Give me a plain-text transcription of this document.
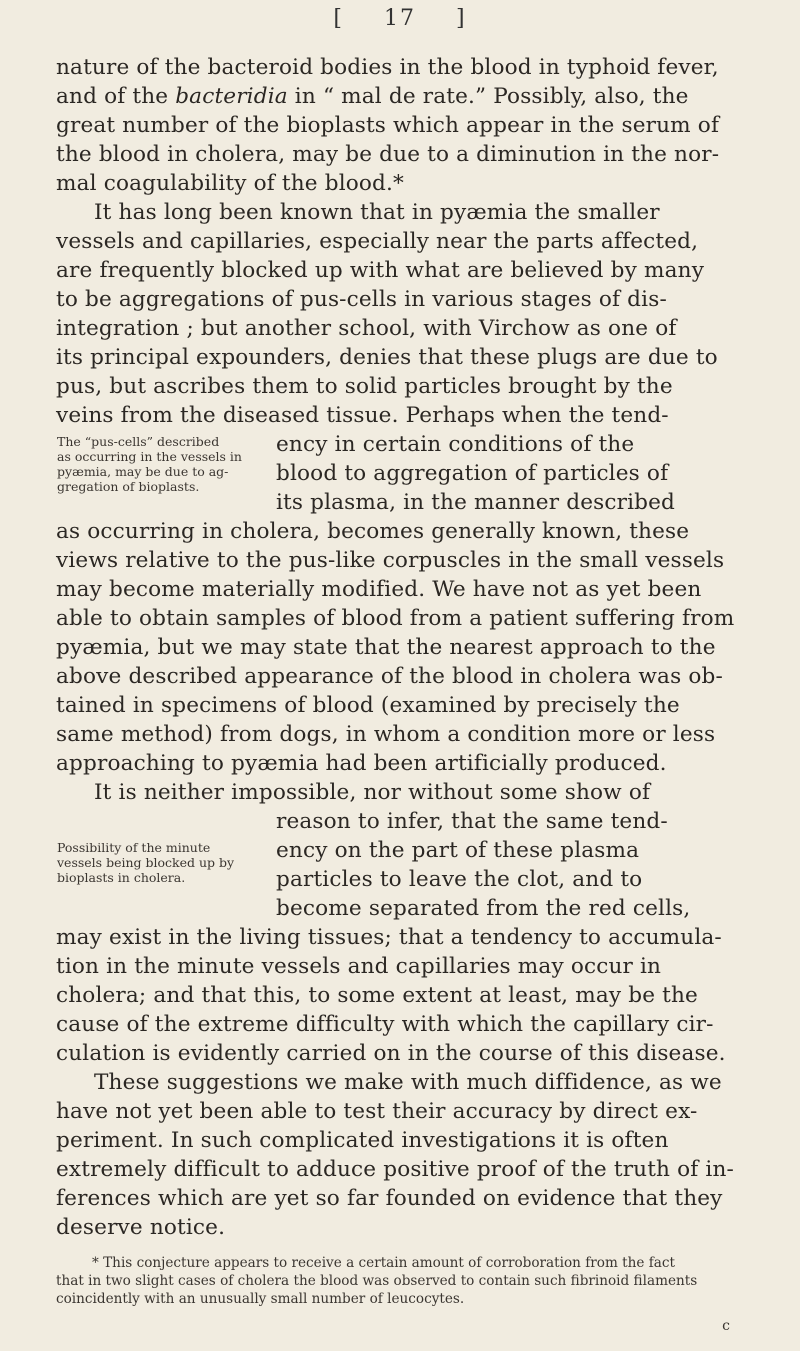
[ 17 ]
nature of the bacteroid bodies in the blood in typhoid fever,
and of the bacteridia in “ mal de rate.” Possibly, also, the
great number of the bioplasts which appear in the serum of
the blood in cholera, may be due to a diminution in the nor-
mal coagulability of the blood.*
It has long been known that in pyæmia the smaller
vessels and capillaries, especially near the parts affected,
are frequently blocked up with what are believed by many
to be aggregations of pus-cells in various stages of dis-
integration ; but another school, with Virchow as one of
its principal expounders, denies that these plugs are due to
pus, but ascribes them to solid particles brought by the
veins from the diseased tissue. Perhaps when the tend-
The “pus-cells” described
as occurring in the vessels in
pyæmia, may be due to ag-
gregation of bioplasts.
ency in certain conditions of the
blood to aggregation of particles of
its plasma, in the manner described
as occurring in cholera, becomes generally known, these
views relative to the pus-like corpuscles in the small vessels
may become materially modified. We have not as yet been
able to obtain samples of blood from a patient suffering from
pyæmia, but we may state that the nearest approach to the
above described appearance of the blood in cholera was ob-
tained in specimens of blood (examined by precisely the
same method) from dogs, in whom a condition more or less
approaching to pyæmia had been artificially produced.
It is neither impossible, nor without some show of
reason to infer, that the same tend-
Possibility of the minute
vessels being blocked up by
bioplasts in cholera.
ency on the part of these plasma
particles to leave the clot, and to
become separated from the red cells,
may exist in the living tissues; that a tendency to accumula-
tion in the minute vessels and capillaries may occur in
cholera; and that this, to some extent at least, may be the
cause of the extreme difficulty with which the capillary cir-
culation is evidently carried on in the course of this disease.
These suggestions we make with much diffidence, as we
have not yet been able to test their accuracy by direct ex-
periment. In such complicated investigations it is often
extremely difficult to adduce positive proof of the truth of in-
ferences which are yet so far founded on evidence that they
deserve notice.
* This conjecture appears to receive a certain amount of corroboration from the fact
that in two slight cases of cholera the blood was observed to contain such fibrinoid filaments
coincidently with an unusually small number of leucocytes.
c
